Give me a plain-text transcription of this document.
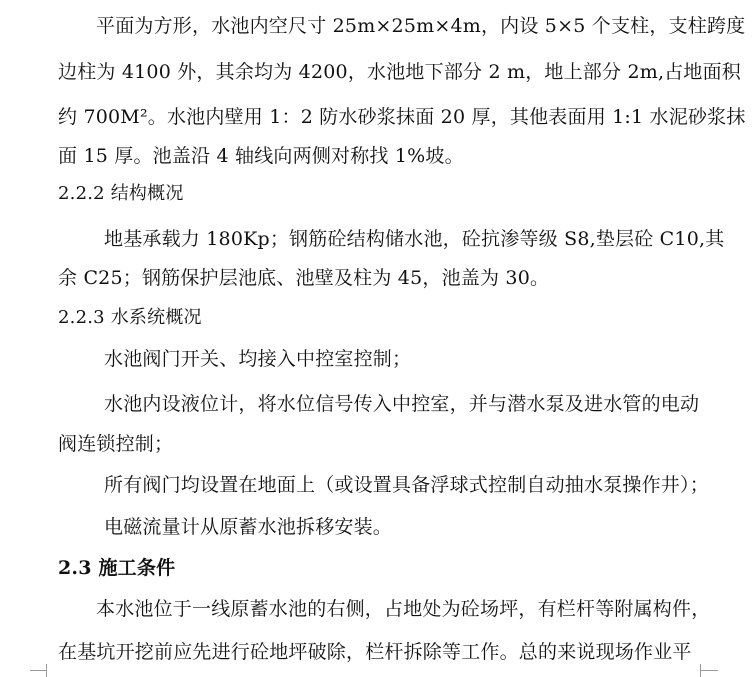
平面为方形，水池内空尺寸 25m×25m×4m，内设 5×5 个支柱，支柱跨度
边柱为 4100 外，其余均为 4200，水池地下部分 2 m，地上部分 2m,占地面积
约 700M²。水池内壁用 1：2 防水砂浆抹面 20 厚，其他表面用 1:1 水泥砂浆抹
面 15 厚。池盖沿 4 轴线向两侧对称找 1%坡。
2.2.2 结构概况
地基承载力 180Kp；钢筋砼结构储水池，砼抗渗等级 S8,垫层砼 C10,其
余 C25；钢筋保护层池底、池壁及柱为 45，池盖为 30。
2.2.3 水系统概况
水池阀门开关、均接入中控室控制；
水池内设液位计，将水位信号传入中控室，并与潜水泵及进水管的电动
阀连锁控制；
所有阀门均设置在地面上（或设置具备浮球式控制自动抽水泵操作井）；
电磁流量计从原蓄水池拆移安装。
2.3 施工条件
本水池位于一线原蓄水池的右侧，占地处为砼场坪，有栏杆等附属构件，
在基坑开挖前应先进行砼地坪破除，栏杆拆除等工作。总的来说现场作业平
